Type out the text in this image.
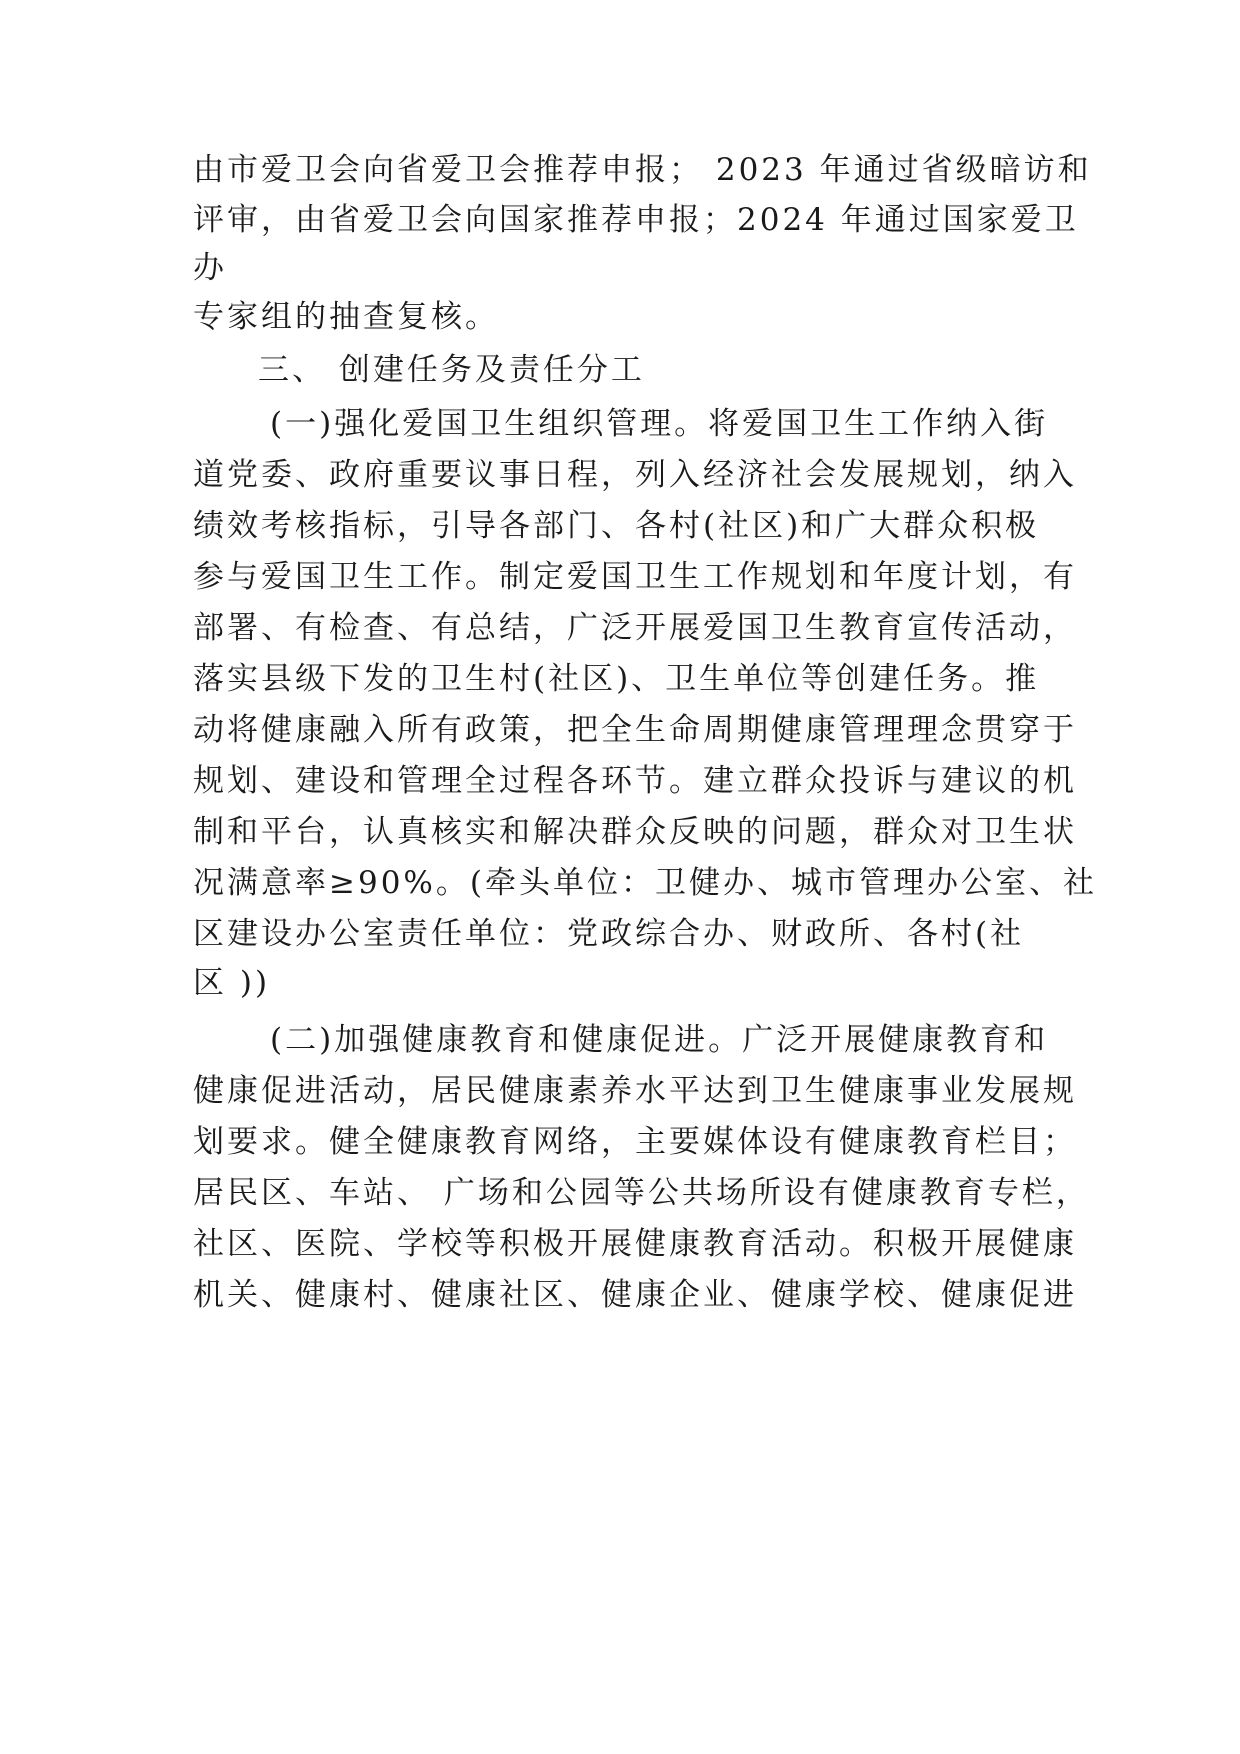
由市爱卫会向省爱卫会推荐申报； 2023 年通过省级暗访和
评审，由省爱卫会向国家推荐申报；2024 年通过国家爱卫
办
专家组的抽查复核。
三、 创建任务及责任分工
(一)强化爱国卫生组织管理。将爱国卫生工作纳入街
道党委、政府重要议事日程，列入经济社会发展规划，纳入
绩效考核指标，引导各部门、各村(社区)和广大群众积极
参与爱国卫生工作。制定爱国卫生工作规划和年度计划，有
部署、有检查、有总结，广泛开展爱国卫生教育宣传活动，
落实县级下发的卫生村(社区)、卫生单位等创建任务。推
动将健康融入所有政策，把全生命周期健康管理理念贯穿于
规划、建设和管理全过程各环节。建立群众投诉与建议的机
制和平台，认真核实和解决群众反映的问题，群众对卫生状
况满意率≥90%。(牵头单位：卫健办、城市管理办公室、社
区建设办公室责任单位：党政综合办、财政所、各村(社
区 ))
(二)加强健康教育和健康促进。广泛开展健康教育和
健康促进活动，居民健康素养水平达到卫生健康事业发展规
划要求。健全健康教育网络，主要媒体设有健康教育栏目；
居民区、车站、 广场和公园等公共场所设有健康教育专栏，
社区、医院、学校等积极开展健康教育活动。积极开展健康
机关、健康村、健康社区、健康企业、健康学校、健康促进
